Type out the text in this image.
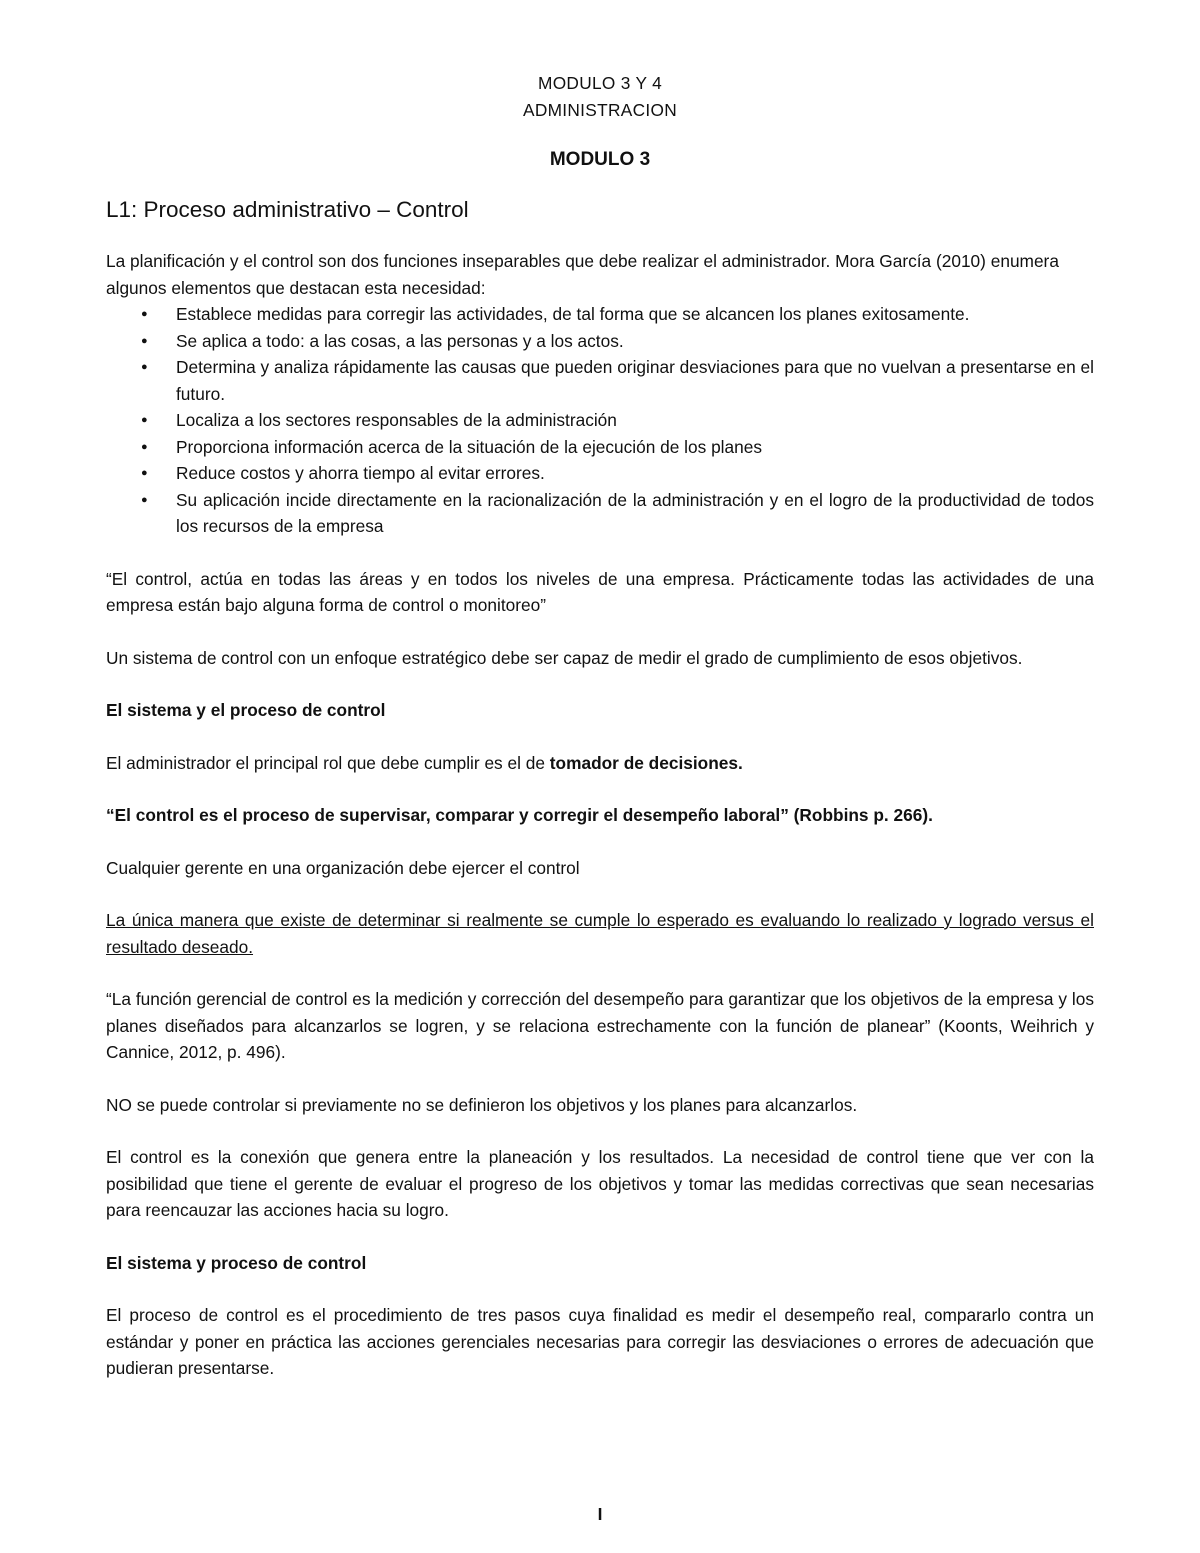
MODULO 3 Y 4
ADMINISTRACION
MODULO 3
L1: Proceso administrativo – Control

La planificación y el control son dos funciones inseparables que debe realizar el administrador. Mora García (2010) enumera algunos elementos que destacan esta necesidad:

● Establece medidas para corregir las actividades, de tal forma que se alcancen los planes exitosamente.
● Se aplica a todo: a las cosas, a las personas y a los actos.
● Determina y analiza rápidamente las causas que pueden originar desviaciones para que no vuelvan a presentarse en el futuro.
● Localiza a los sectores responsables de la administración
● Proporciona información acerca de la situación de la ejecución de los planes
● Reduce costos y ahorra tiempo al evitar errores.
● Su aplicación incide directamente en la racionalización de la administración y en el logro de la productividad de todos los recursos de la empresa

“El control, actúa en todas las áreas y en todos los niveles de una empresa. Prácticamente todas las actividades de una empresa están bajo alguna forma de control o monitoreo”

Un sistema de control con un enfoque estratégico debe ser capaz de medir el grado de cumplimiento de esos objetivos.

El sistema y el proceso de control

El administrador el principal rol que debe cumplir es el de tomador de decisiones.

“El control es el proceso de supervisar, comparar y corregir el desempeño laboral” (Robbins p. 266).

Cualquier gerente en una organización debe ejercer el control

La única manera que existe de determinar si realmente se cumple lo esperado es evaluando lo realizado y logrado versus el resultado deseado.

“La función gerencial de control es la medición y corrección del desempeño para garantizar que los objetivos de la empresa y los planes diseñados para alcanzarlos se logren, y se relaciona estrechamente con la función de planear” (Koonts, Weihrich y Cannice, 2012, p. 496).

NO se puede controlar si previamente no se definieron los objetivos y los planes para alcanzarlos.

El control es la conexión que genera entre la planeación y los resultados. La necesidad de control tiene que ver con la posibilidad que tiene el gerente de evaluar el progreso de los objetivos y tomar las medidas correctivas que sean necesarias para reencauzar las acciones hacia su logro.

El sistema y proceso de control

El proceso de control es el procedimiento de tres pasos cuya finalidad es medir el desempeño real, compararlo contra un estándar y poner en práctica las acciones gerenciales necesarias para corregir las desviaciones o errores de adecuación que pudieran presentarse.

I
